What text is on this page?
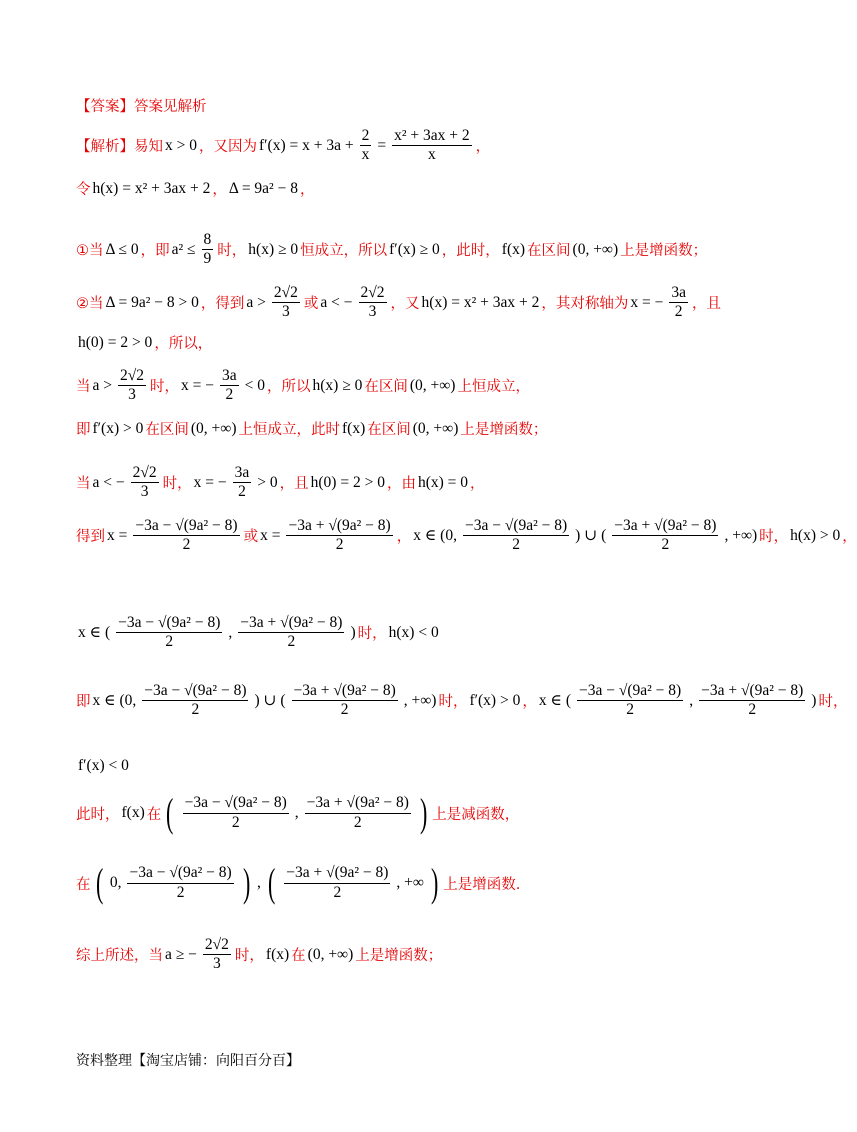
【答案】 答案见解析
【解析】 易知 x > 0 ，又因为 $f'(x) = x + 3a + \frac{2}{x} = \frac{\text{x² + 3ax + 2}}{x}$ ，
令 h(x) = x² + 3ax + 2 ， Δ = 9a² − 8 ，
①当 Δ ≤ 0 ，即 $a^2 \le \frac{8}{9}$ 时， h(x) ≥ 0 恒成立，所以 f′(x) ≥ 0 ，此时， f(x) 在区间 (0, +∞) 上是增函数；
②当 Δ = 9a² − 8 > 0 ，得到 $a > \frac{2√2}{3}$ 或 a < − $\frac{2√2}{3}$ ，又 h(x) = x² + 3ax + 2 ，其对称轴为 x = − $\frac{3a}{2}$ ，且
h(0) = 2 > 0 ，所以，
当 $a > \frac{2√2}{3}$ 时， x = − $\frac{3a}{2} < 0$ ，所以 h(x) ≥ 0 在区间 (0, +∞) 上恒成立，
即 f′(x) > 0 在区间 (0, +∞) 上恒成立，此时 f(x) 在区间 (0, +∞) 上是增函数；
当 a < − $\frac{2√2}{3}$ 时， x = − $\frac{3a}{2} > 0$ ，且 h(0) = 2 > 0 ，由 h(x) = 0 ，
得到 $x = \frac{\text{−3a − √(9a² − 8)}}{2}$ 或 $x = \frac{\text{−3a + √(9a² − 8)}}{2}$ ， x ∈ (0, $\frac{\text{−3a − √(9a² − 8)}}{2}$ ) ∪ ( $\frac{\text{−3a + √(9a² − 8)}}{2}$ , +∞) 时， h(x) > 0 ，
x ∈ ( $\frac{\text{−3a − √(9a² − 8)}}{2}$ , $\frac{\text{−3a + √(9a² − 8)}}{2}$ ) 时， h(x) < 0
即 x ∈ (0, $\frac{\text{−3a − √(9a² − 8)}}{2}$ ) ∪ ( $\frac{\text{−3a + √(9a² − 8)}}{2}$ , +∞) 时， f′(x) > 0 ， x ∈ ( $\frac{\text{−3a − √(9a² − 8)}}{2}$ , $\frac{\text{−3a + √(9a² − 8)}}{2}$ ) 时，
f′(x) < 0
此时， f(x) 在 ( $\frac{\text{−3a − √(9a² − 8)}}{2}$ , $\frac{\text{−3a + √(9a² − 8)}}{2}$ ) 上是减函数，
在 ( 0, $\frac{\text{−3a − √(9a² − 8)}}{2}$ ) , ( $\frac{\text{−3a + √(9a² − 8)}}{2}$ , +∞ ) 上是增函数.
综上所述，当 a ≥ − $\frac{2√2}{3}$ 时， f(x) 在 (0, +∞) 上是增函数；
资料整理【淘宝店铺：向阳百分百】
